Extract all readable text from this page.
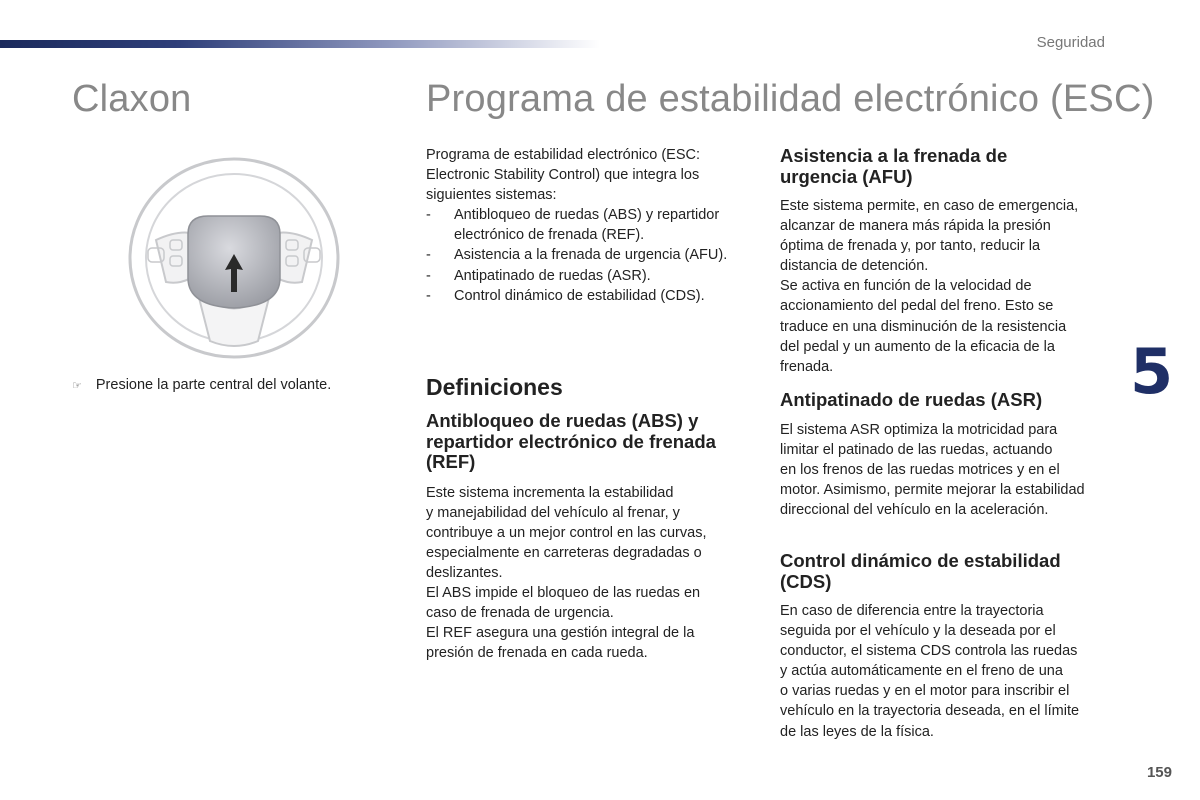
Seguridad
Claxon	Programa de estabilidad electrónico (ESC)
☞ Presione la parte central del volante.

Programa de estabilidad electrónico (ESC:

Electronic Stability Control) que integra los

siguientes sistemas:

- Antibloqueo de ruedas (ABS) y repartidor
electrónico de frenada (REF).
- Asistencia a la frenada de urgencia (AFU).
- Antipatinado de ruedas (ASR).
- Control dinámico de estabilidad (CDS).
Definiciones
Antibloqueo de ruedas (ABS) y
repartidor electrónico de frenada
(REF)

Este sistema incrementa la estabilidad
y manejabilidad del vehículo al frenar, y
contribuye a un mejor control en las curvas,
especialmente en carreteras degradadas o
deslizantes.
El ABS impide el bloqueo de las ruedas en
caso de frenada de urgencia.
El REF asegura una gestión integral de la
presión de frenada en cada rueda.

Asistencia a la frenada de
urgencia (AFU)

Este sistema permite, en caso de emergencia,
alcanzar de manera más rápida la presión
óptima de frenada y, por tanto, reducir la
distancia de detención.
Se activa en función de la velocidad de
accionamiento del pedal del freno. Esto se
traduce en una disminución de la resistencia
del pedal y un aumento de la eficacia de la
frenada.

Antipatinado de ruedas (ASR)

El sistema ASR optimiza la motricidad para
limitar el patinado de las ruedas, actuando
en los frenos de las ruedas motrices y en el
motor. Asimismo, permite mejorar la estabilidad
direccional del vehículo en la aceleración.

Control dinámico de estabilidad
(CDS)

En caso de diferencia entre la trayectoria
seguida por el vehículo y la deseada por el
conductor, el sistema CDS controla las ruedas
y actúa automáticamente en el freno de una
o varias ruedas y en el motor para inscribir el
vehículo en la trayectoria deseada, en el límite
de las leyes de la física.

5
159
